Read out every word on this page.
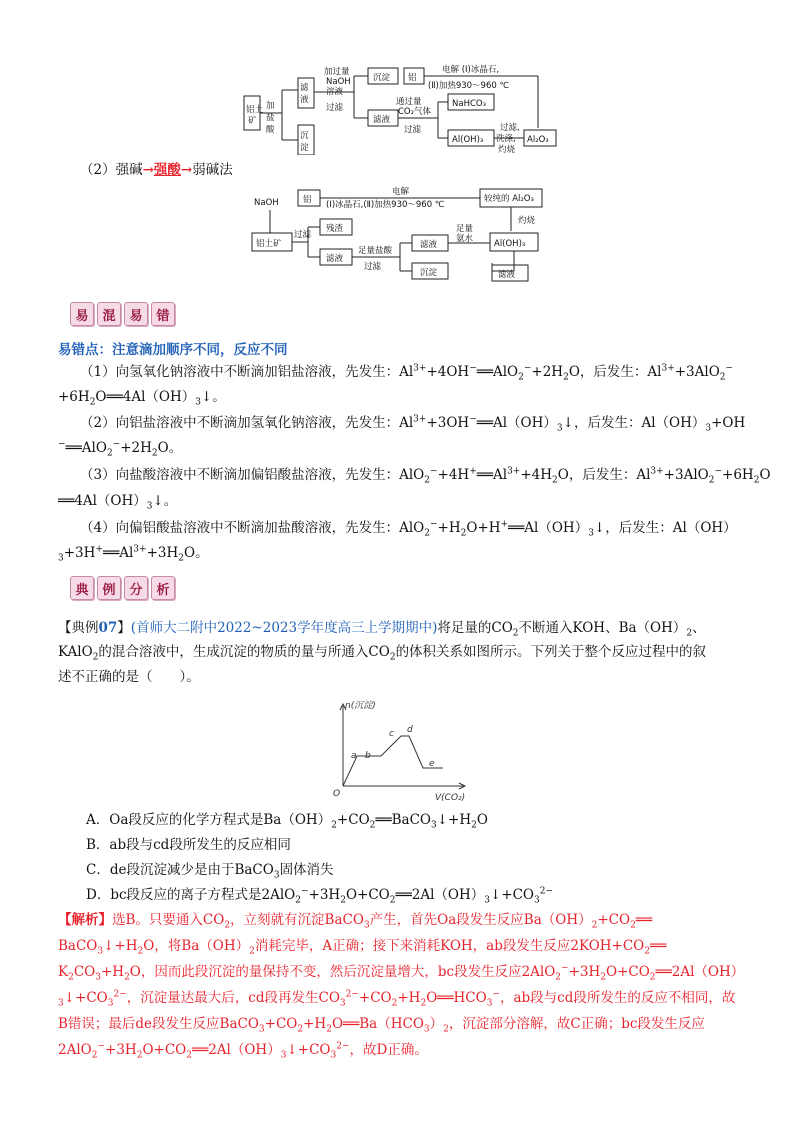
铝土
矿
加
盐
酸
滤
液
沉
淀
加过量
NaOH
溶液
过滤
沉淀
滤液
铝
电解 (Ⅰ)冰晶石,
(Ⅱ)加热930～960 ℃
通过量
CO₂气体
过滤
NaHCO₃
Al(OH)₃
过滤,
洗涤,
灼烧
Al₂O₃
（2）强碱→强酸→弱碱法
NaOH	铝
电解
(Ⅰ)冰晶石,(Ⅱ)加热930～960 ℃
较纯的 Al₂O₃
灼烧
铝土矿
过滤
残渣
滤液
足量盐酸
过滤
滤液
沉淀
足量
氨水 Al(OH)₃
滤液
易	混	易	错
易错点：注意滴加顺序不同，反应不同
（1）向氢氧化钠溶液中不断滴加铝盐溶液，先发生：$Al^{3+}+4OH^-══AlO_2^-+2H_2O$，后发生：$Al^{3+}+3AlO_2^-$
$+6H_2O══4Al(OH)_3↓$。
（2）向铝盐溶液中不断滴加氢氧化钠溶液，先发生：$Al^{3+}+3OH^-══Al(OH)_3↓$，后发生：$Al(OH)_3+OH$
$^-══AlO_2^-+2H_2O$。
（3）向盐酸溶液中不断滴加偏铝酸盐溶液，先发生：$AlO_2^-+4H^+══Al^{3+}+4H_2O$，后发生：$Al^{3+}+3AlO_2^-+6H_2O$
$══4Al(OH)_3↓$。
（4）向偏铝酸盐溶液中不断滴加盐酸溶液，先发生：$AlO_2^-+H_2O+H^+══Al(OH)_3↓$，后发生：Al（OH）
$_3+3H^+══Al^{3+}+3H_2O$。
典	例	分	析
【典例07】(首师大二附中2022~2023学年度高三上学期期中)将足量的$CO_2$不断通入KOH、$Ba(OH)_2$、
KAlO$_2$的混合溶液中，生成沉淀的物质的量与所通入$CO_2$的体积关系如图所示。下列关于整个反应过程中的叙
述不正确的是（　　）。
n(沉淀)
V(CO₂)
O
a b
c d
e
A．Oa段反应的化学方程式是$Ba(OH)_2+CO_2══BaCO_3↓+H_2O$
B．ab段与cd段所发生的反应相同
C．de段沉淀减少是由于BaCO$_3$固体消失
D．bc段反应的离子方程式是$2AlO_2^-+3H_2O+CO_2══2Al(OH)_3↓+CO_3^{2-}$
【解析】选B。只要通入$CO_2$，立刻就有沉淀BaCO$_3$产生，首先Oa段发生反应$Ba(OH)_2+CO_2══$
$BaCO_3↓+H_2O$，将$Ba(OH)_2$消耗完毕，A正确；接下来消耗KOH，ab段发生反应$2KOH+CO_2══$
$K_2CO_3+H_2O$，因而此段沉淀的量保持不变，然后沉淀量增大，bc段发生反应$2AlO_2^-+3H_2O+CO_2══2Al(OH)$
$_3↓+CO_3^{2-}$，沉淀量达最大后，cd段再发生$CO_3^{2-}+CO_2+H_2O══HCO_3^-$，ab段与cd段所发生的反应不相同，故
B错误；最后de段发生反应$BaCO_3+CO_2+H_2O══Ba(HCO_3)_2$，沉淀部分溶解，故C正确；bc段发生反应
$2AlO_2^-+3H_2O+CO_2══2Al(OH)_3↓+CO_3^{2-}$，故D正确。
